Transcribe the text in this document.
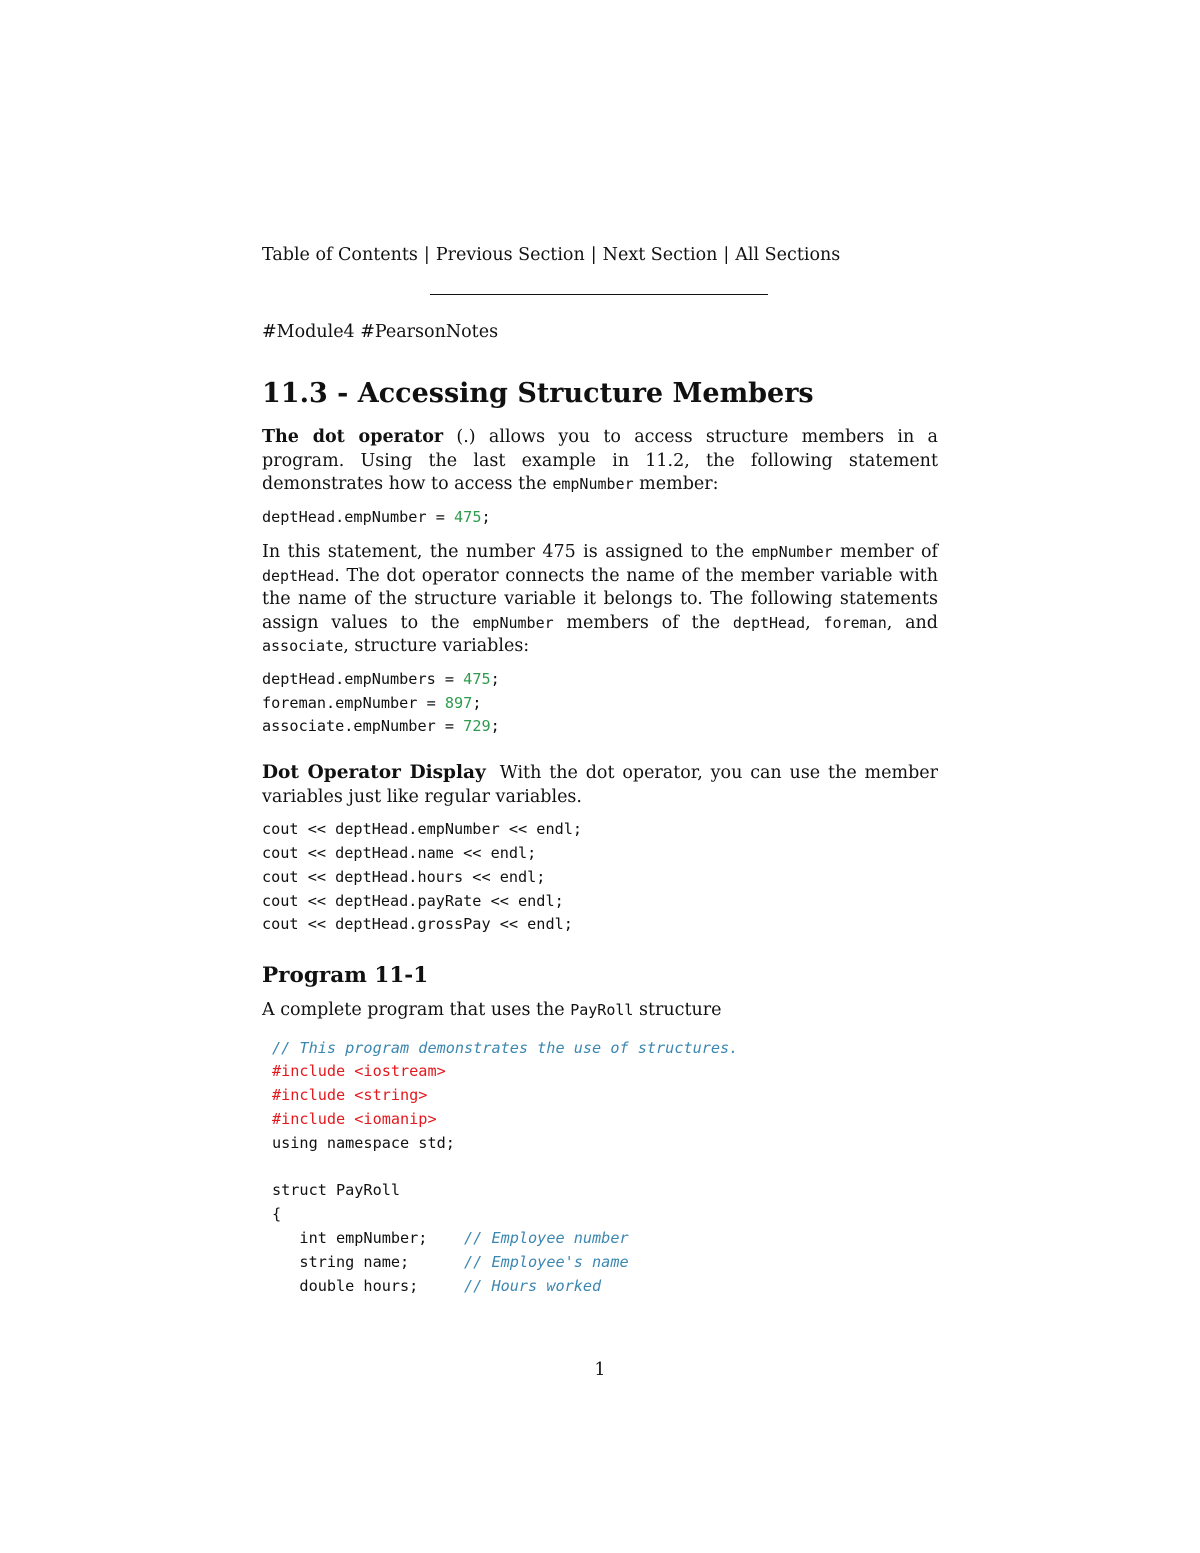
Table of Contents | Previous Section | Next Section | All Sections
#Module4 #PearsonNotes
11.3 - Accessing Structure Members

The dot operator (.) allows you to access structure members in a program. Using the last example in 11.2, the following statement demonstrates how to access the empNumber member:

deptHead.empNumber = 475;

In this statement, the number 475 is assigned to the empNumber member of deptHead. The dot operator connects the name of the member variable with the name of the structure variable it belongs to. The following statements assign values to the empNumber members of the deptHead, foreman, and associate, structure variables:

deptHead.empNumbers = 475;
foreman.empNumber = 897;
associate.empNumber = 729;

Dot Operator Display With the dot operator, you can use the member variables just like regular variables.

cout << deptHead.empNumber << endl;
cout << deptHead.name << endl;
cout << deptHead.hours << endl;
cout << deptHead.payRate << endl;
cout << deptHead.grossPay << endl;
Program 11-1

A complete program that uses the PayRoll structure

// This program demonstrates the use of structures.
#include <iostream>
#include <string>
#include <iomanip>
using namespace std;

struct PayRoll
{
int empNumber;    // Employee number
string name;      // Employee's name
double hours;     // Hours worked
1
